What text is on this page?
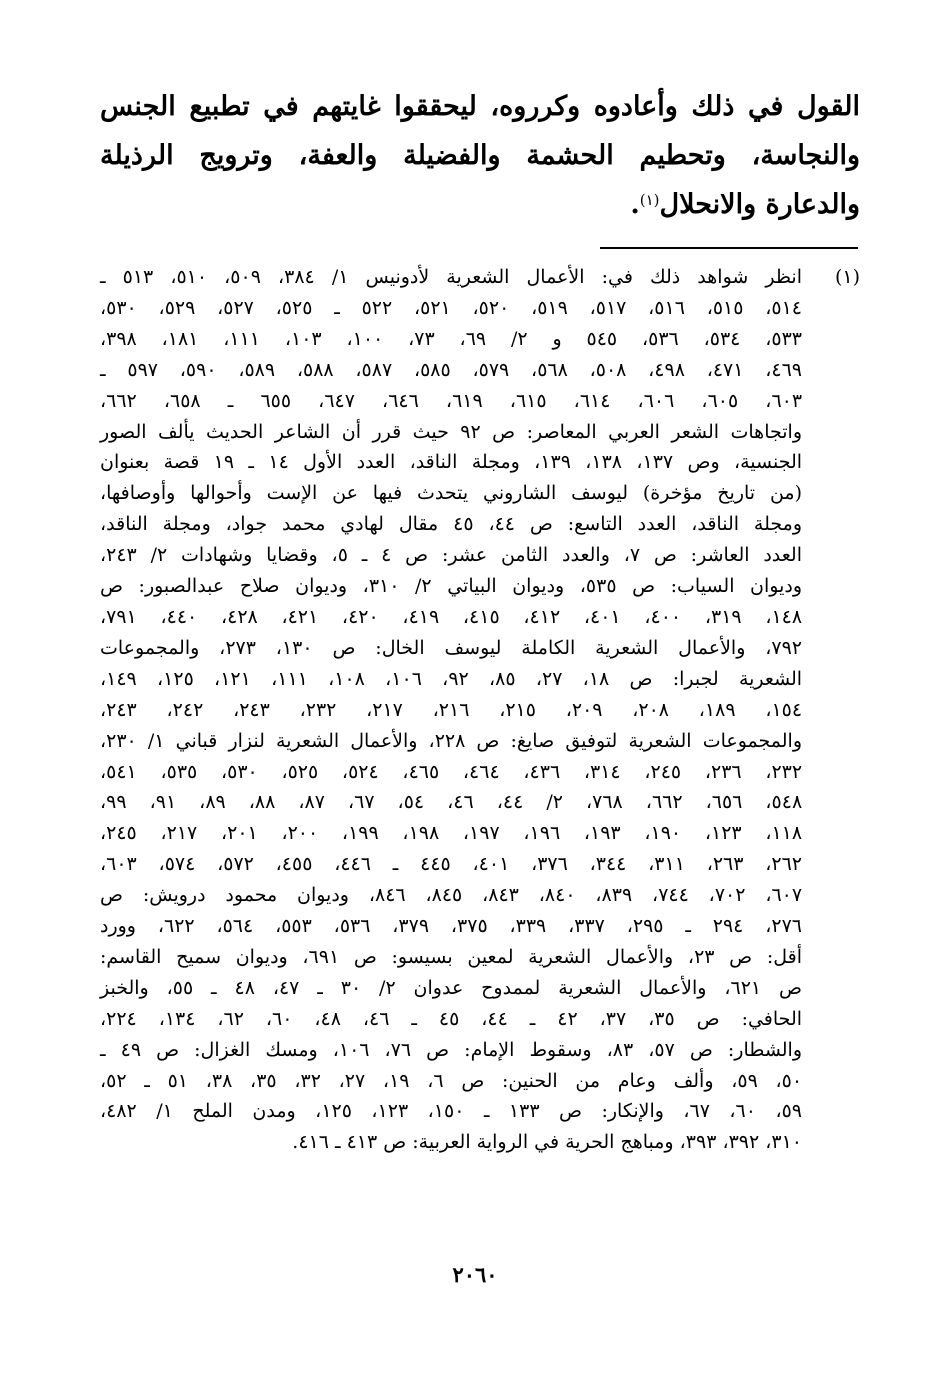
القول في ذلك وأعادوه وكرروه، ليحققوا غايتهم في تطبيع الجنس والنجاسة، وتحطيم الحشمة والفضيلة والعفة، وترويج الرذيلة والدعارة والانحلال$^{(١)}$.

(١)

انظر شواهد ذلك في: الأعمال الشعرية لأدونيس ١/ ٣٨٤، ٥٠٩، ٥١٠، ٥١٣ ـ

٥١٤، ٥١٥، ٥١٦، ٥١٧، ٥١٩، ٥٢٠، ٥٢١، ٥٢٢ ـ ٥٢٥، ٥٢٧، ٥٢٩، ٥٣٠،

٥٣٣، ٥٣٤، ٥٣٦، ٥٤٥ و ٢/ ٦٩، ٧٣، ١٠٠، ١٠٣، ١١١، ١٨١، ٣٩٨،

٤٦٩، ٤٧١، ٤٩٨، ٥٠٨، ٥٦٨، ٥٧٩، ٥٨٥، ٥٨٧، ٥٨٨، ٥٨٩، ٥٩٠، ٥٩٧ ـ

٦٠٣، ٦٠٥، ٦٠٦، ٦١٤، ٦١٥، ٦١٩، ٦٤٦، ٦٤٧، ٦٥٥ ـ ٦٥٨، ٦٦٢،

واتجاهات الشعر العربي المعاصر: ص ٩٢ حيث قرر أن الشاعر الحديث يألف الصور

الجنسية، وص ١٣٧، ١٣٨، ١٣٩، ومجلة الناقد، العدد الأول ١٤ ـ ١٩ قصة بعنوان

(من تاريخ مؤخرة) ليوسف الشاروني يتحدث فيها عن الإست وأحوالها وأوصافها،

ومجلة الناقد، العدد التاسع: ص ٤٤، ٤٥ مقال لهادي محمد جواد، ومجلة الناقد،

العدد العاشر: ص ٧، والعدد الثامن عشر: ص ٤ ـ ٥، وقضايا وشهادات ٢/ ٢٤٣،

وديوان السياب: ص ٥٣٥، وديوان البياتي ٢/ ٣١٠، وديوان صلاح عبدالصبور: ص

١٤٨، ٣١٩، ٤٠٠، ٤٠١، ٤١٢، ٤١٥، ٤١٩، ٤٢٠، ٤٢١، ٤٢٨، ٤٤٠، ٧٩١،

٧٩٢، والأعمال الشعرية الكاملة ليوسف الخال: ص ١٣٠، ٢٧٣، والمجموعات

الشعرية لجبرا: ص ١٨، ٢٧، ٨٥، ٩٢، ١٠٦، ١٠٨، ١١١، ١٢١، ١٢٥، ١٤٩،

١٥٤، ١٨٩، ٢٠٨، ٢٠٩، ٢١٥، ٢١٦، ٢١٧، ٢٣٢، ٢٤٣، ٢٤٢، ٢٤٣،

والمجموعات الشعرية لتوفيق صايغ: ص ٢٢٨، والأعمال الشعرية لنزار قباني ١/ ٢٣٠،

٢٣٢، ٢٣٦، ٢٤٥، ٣١٤، ٤٣٦، ٤٦٤، ٤٦٥، ٥٢٤، ٥٢٥، ٥٣٠، ٥٣٥، ٥٤١،

٥٤٨، ٦٥٦، ٦٦٢، ٧٦٨، ٢/ ٤٤، ٤٦، ٥٤، ٦٧، ٨٧، ٨٨، ٨٩، ٩١، ٩٩،

١١٨، ١٢٣، ١٩٠، ١٩٣، ١٩٦، ١٩٧، ١٩٨، ١٩٩، ٢٠٠، ٢٠١، ٢١٧، ٢٤٥،

٢٦٢، ٢٦٣، ٣١١، ٣٤٤، ٣٧٦، ٤٠١، ٤٤٥ ـ ٤٤٦، ٤٥٥، ٥٧٢، ٥٧٤، ٦٠٣،

٦٠٧، ٧٠٢، ٧٤٤، ٨٣٩، ٨٤٠، ٨٤٣، ٨٤٥، ٨٤٦، وديوان محمود درويش: ص

٢٧٦، ٢٩٤ ـ ٢٩٥، ٣٣٧، ٣٣٩، ٣٧٥، ٣٧٩، ٥٣٦، ٥٥٣، ٥٦٤، ٦٢٢، وورد

أقل: ص ٢٣، والأعمال الشعرية لمعين بسيسو: ص ٦٩١، وديوان سميح القاسم:

ص ٦٢١، والأعمال الشعرية لممدوح عدوان ٢/ ٣٠ ـ ٤٧، ٤٨ ـ ٥٥، والخبز

الحافي: ص ٣٥، ٣٧، ٤٢ ـ ٤٤، ٤٥ ـ ٤٦، ٤٨، ٦٠، ٦٢، ١٣٤، ٢٢٤،

والشطار: ص ٥٧، ٨٣، وسقوط الإمام: ص ٧٦، ١٠٦، ومسك الغزال: ص ٤٩ ـ

٥٠، ٥٩، وألف وعام من الحنين: ص ٦، ١٩، ٢٧، ٣٢، ٣٥، ٣٨، ٥١ ـ ٥٢،

٥٩، ٦٠، ٦٧، والإنكار: ص ١٣٣ ـ ١٥٠، ١٢٣، ١٢٥، ومدن الملح ١/ ٤٨٢،

٣١٠، ٣٩٢، ٣٩٣، ومباهج الحرية في الرواية العربية: ص ٤١٣ ـ ٤١٦.

٢٠٦٠
